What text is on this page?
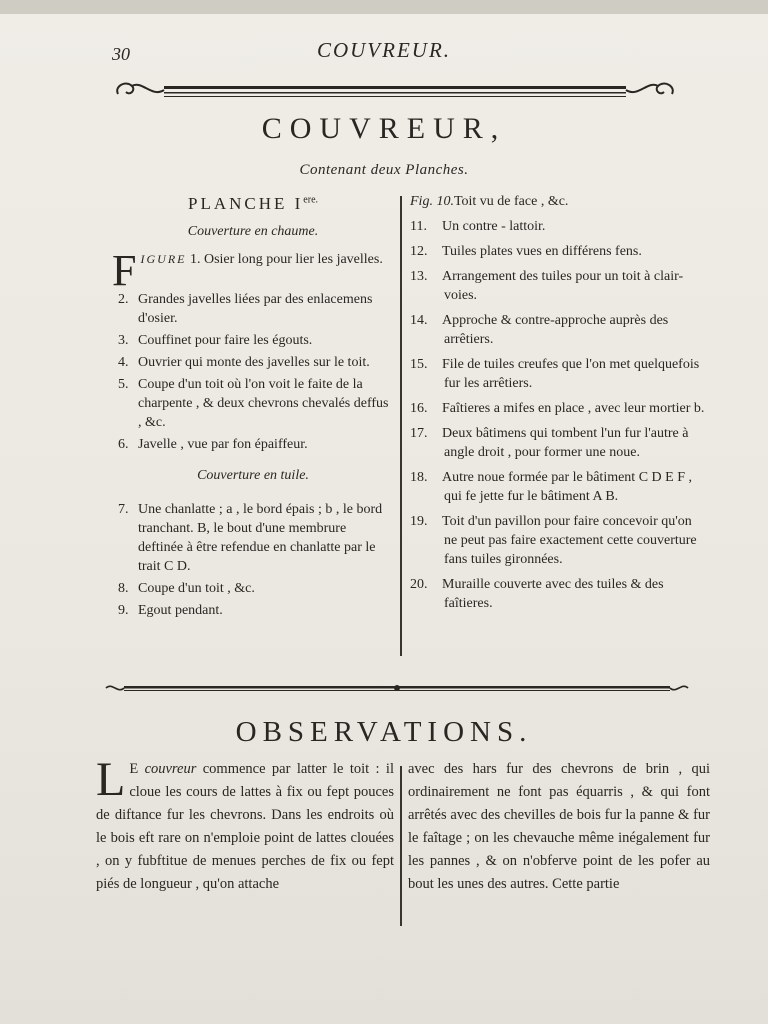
30	COUVREUR.
COUVREUR,
Contenant deux Planches.
PLANCHE $I^{ere.}$
Couverture en chaume.
FIGURE 1. Osier long pour lier les javelles.
2. Grandes javelles liées par des enlacemens d'osier.
3. Couffinet pour faire les égouts.
4. Ouvrier qui monte des javelles sur le toit.
5. Coupe d'un toit où l'on voit le faite de la charpente , & deux chevrons chevalés deffus , &c.
6. Javelle , vue par fon épaiffeur.
Couverture en tuile.
7. Une chanlatte ; a , le bord épais ; b , le bord tranchant. B, le bout d'une membrure deftinée à être refendue en chanlatte par le trait C D.
8. Coupe d'un toit , &c.
9. Egout pendant.
Fig. 10.Toit vu de face , &c.
11. Un contre - lattoir.
12. Tuiles plates vues en différens fens.
13. Arrangement des tuiles pour un toit à clair-voies.
14. Approche & contre-approche auprès des arrêtiers.
15. File de tuiles creufes que l'on met quelquefois fur les arrêtiers.
16. Faîtieres a mifes en place , avec leur mortier b.
17. Deux bâtimens qui tombent l'un fur l'autre à angle droit , pour former une noue.
18. Autre noue formée par le bâtiment C D E F , qui fe jette fur le bâtiment A B.
19. Toit d'un pavillon pour faire concevoir qu'on ne peut pas faire exactement cette couverture fans tuiles gironnées.
20. Muraille couverte avec des tuiles & des faîtieres.
OBSERVATIONS.
L E couvreur commence par latter le toit : il cloue les cours de lattes à fix ou fept pouces de diftance fur les chevrons. Dans les endroits où le bois eft rare on n'emploie point de lattes clouées , on y fubftitue de menues perches de fix ou fept piés de longueur , qu'on attache
avec des hars fur des chevrons de brin , qui ordinairement ne font pas équarris , & qui font arrêtés avec des chevilles de bois fur la panne & fur le faîtage ; on les chevauche même inégalement fur les pannes , & on n'obferve point de les pofer au bout les unes des autres. Cette partie
